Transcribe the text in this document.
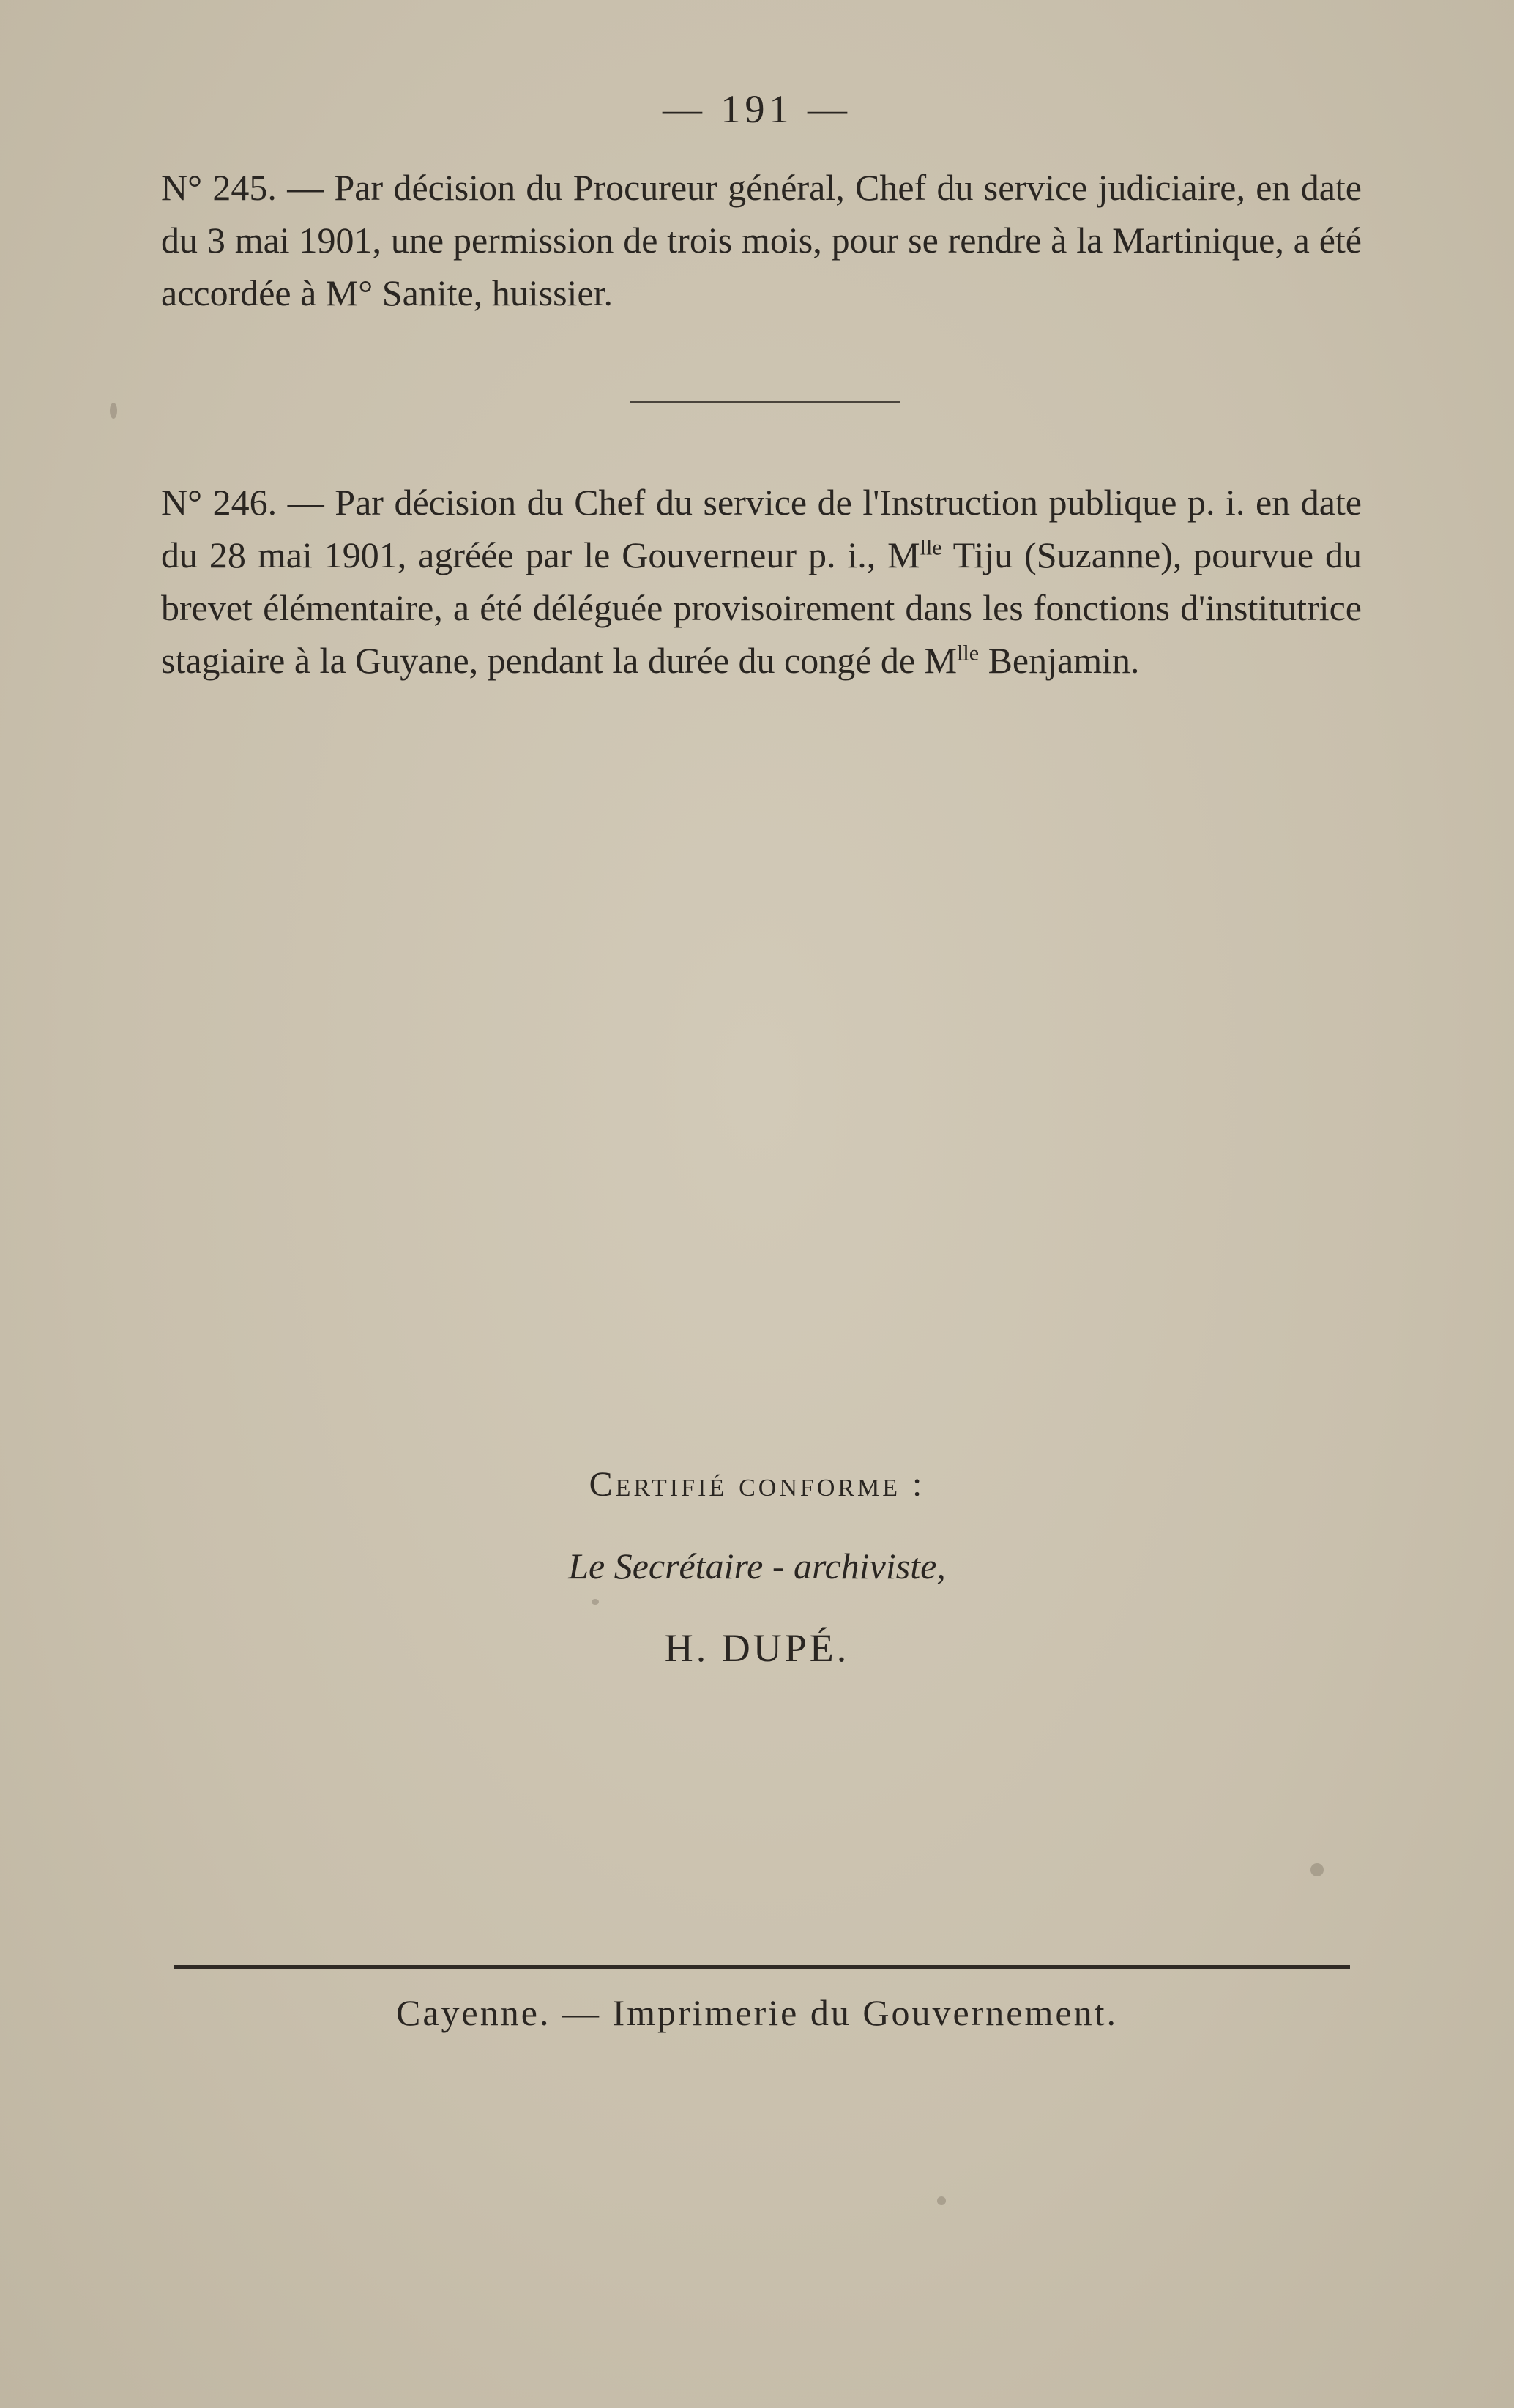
— 191 —
N° 245. — Par décision du Procureur général, Chef du service judiciaire, en date du 3 mai 1901, une permission de trois mois, pour se rendre à la Martinique, a été accordée à M° Sanite, huissier.
N° 246. — Par décision du Chef du service de l'Instruction publique p. i. en date du 28 mai 1901, agréée par le Gouverneur p. i., $M^{lle}$ Tiju (Suzanne), pourvue du brevet élémentaire, a été déléguée provisoirement dans les fonctions d'institutrice stagiaire à la Guyane, pendant la durée du congé de $M^{lle}$ Benjamin.
Certifié conforme :
Le Secrétaire - archiviste,
H. DUPÉ.
Cayenne. — Imprimerie du Gouvernement.
